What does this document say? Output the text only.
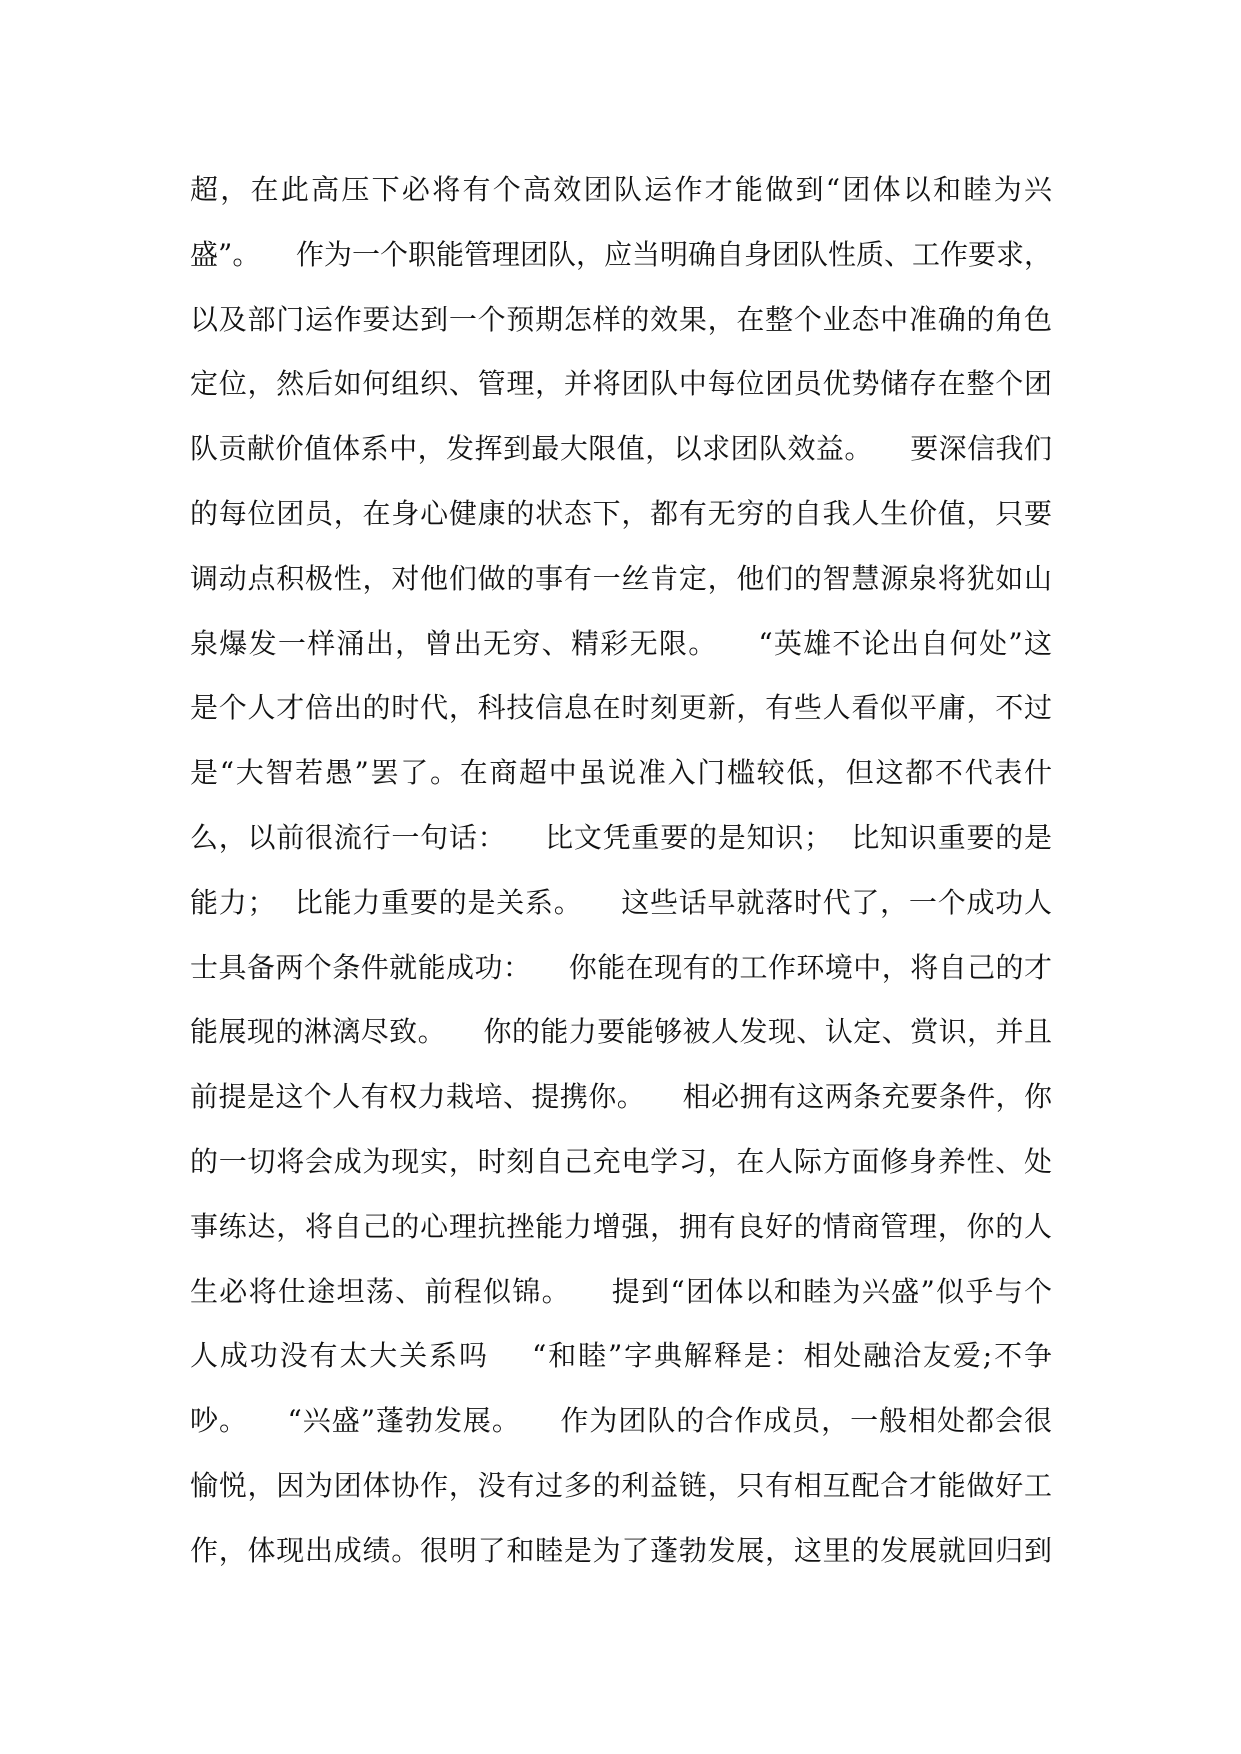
超，在此高压下必将有个高效团队运作才能做到“团体以和睦为兴
盛”。    作为一个职能管理团队，应当明确自身团队性质、工作要求，
以及部门运作要达到一个预期怎样的效果，在整个业态中准确的角色
定位，然后如何组织、管理，并将团队中每位团员优势储存在整个团
队贡献价值体系中，发挥到最大限值，以求团队效益。    要深信我们
的每位团员，在身心健康的状态下，都有无穷的自我人生价值，只要
调动点积极性，对他们做的事有一丝肯定，他们的智慧源泉将犹如山
泉爆发一样涌出，曾出无穷、精彩无限。    “英雄不论出自何处”这
是个人才倍出的时代，科技信息在时刻更新，有些人看似平庸，不过
是“大智若愚”罢了。在商超中虽说准入门槛较低，但这都不代表什
么，以前很流行一句话：    比文凭重要的是知识；  比知识重要的是
能力；  比能力重要的是关系。    这些话早就落时代了，一个成功人
士具备两个条件就能成功：    你能在现有的工作环境中，将自己的才
能展现的淋漓尽致。    你的能力要能够被人发现、认定、赏识，并且
前提是这个人有权力栽培、提携你。    相必拥有这两条充要条件，你
的一切将会成为现实，时刻自己充电学习，在人际方面修身养性、处
事练达，将自己的心理抗挫能力增强，拥有良好的情商管理，你的人
生必将仕途坦荡、前程似锦。    提到“团体以和睦为兴盛”似乎与个
人成功没有太大关系吗    “和睦”字典解释是：相处融洽友爱;不争
吵。    “兴盛”蓬勃发展。    作为团队的合作成员，一般相处都会很
愉悦，因为团体协作，没有过多的利益链，只有相互配合才能做好工
作，体现出成绩。很明了和睦是为了蓬勃发展，这里的发展就回归到
